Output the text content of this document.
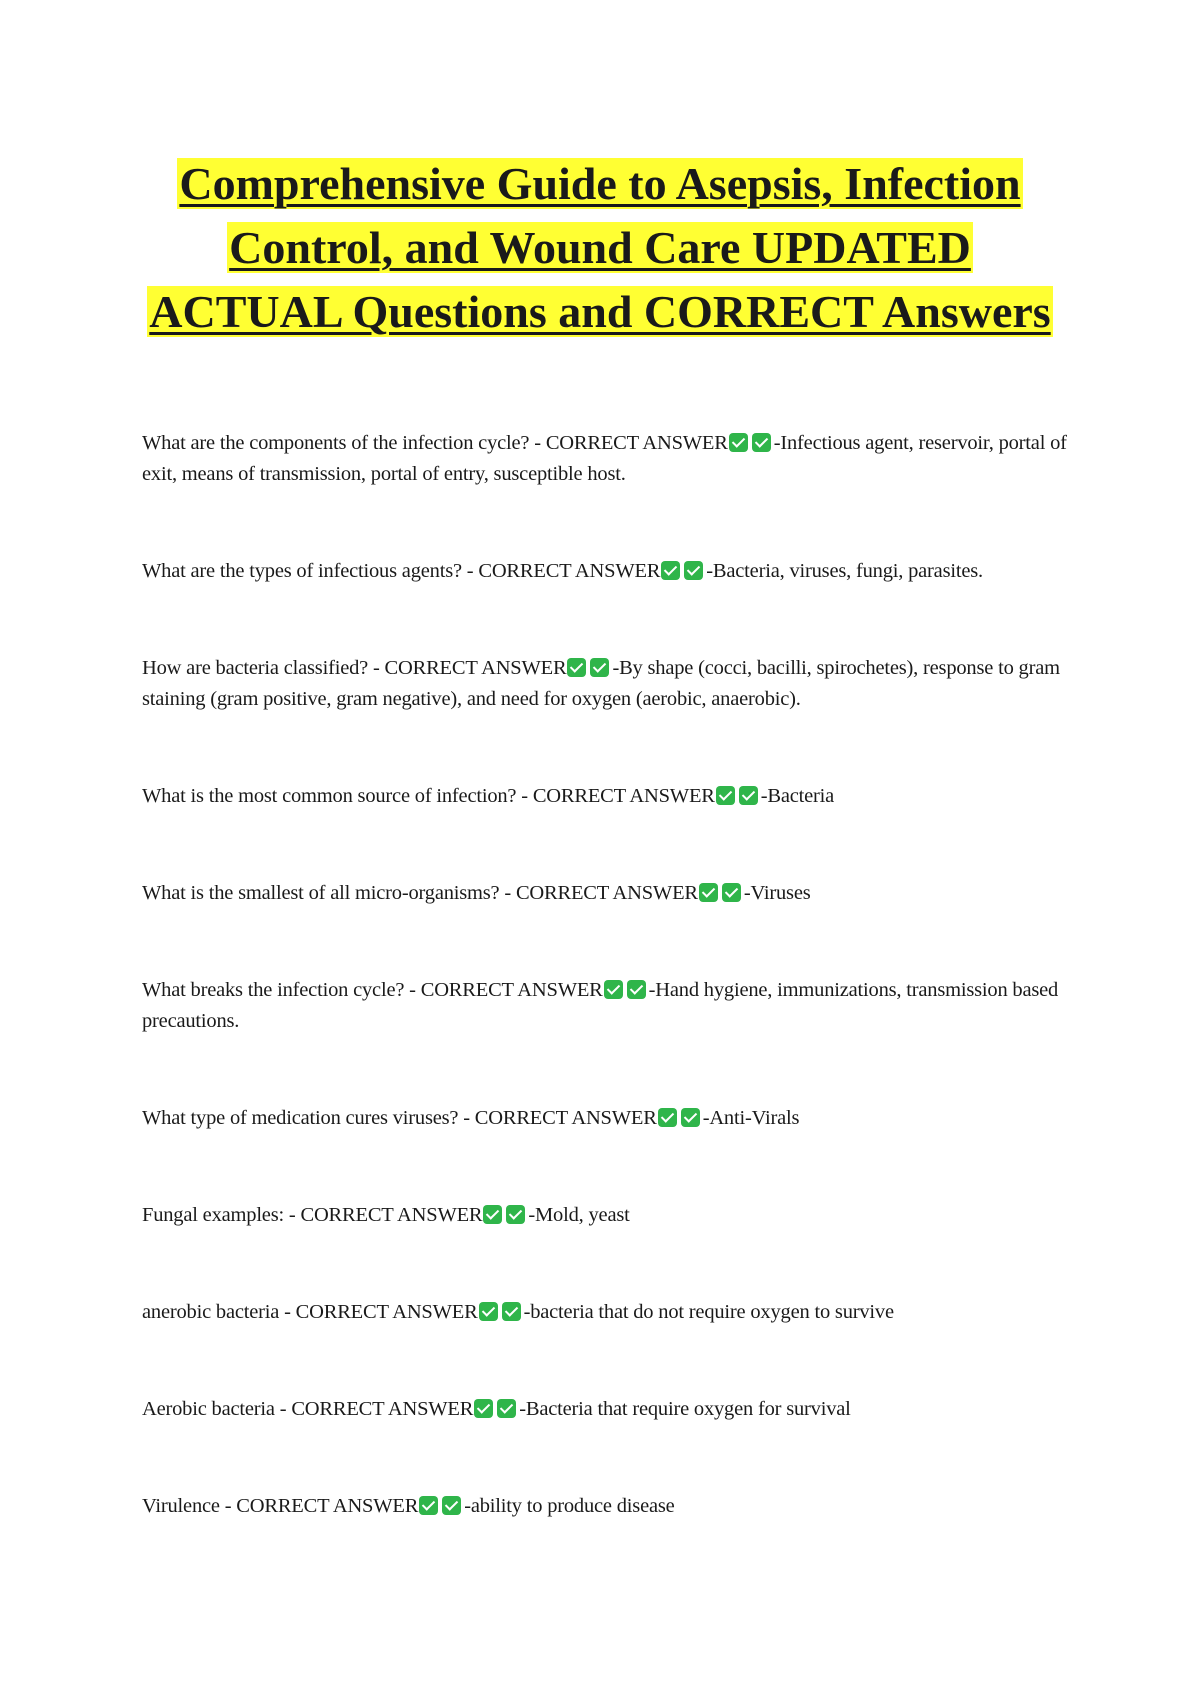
Comprehensive Guide to Asepsis, Infection Control, and Wound Care UPDATED ACTUAL Questions and CORRECT Answers
What are the components of the infection cycle? - CORRECT ANSWER -Infectious agent, reservoir, portal of exit, means of transmission, portal of entry, susceptible host.
What are the types of infectious agents? - CORRECT ANSWER -Bacteria, viruses, fungi, parasites.
How are bacteria classified? - CORRECT ANSWER -By shape (cocci, bacilli, spirochetes), response to gram staining (gram positive, gram negative), and need for oxygen (aerobic, anaerobic).
What is the most common source of infection? - CORRECT ANSWER -Bacteria
What is the smallest of all micro-organisms? - CORRECT ANSWER -Viruses
What breaks the infection cycle? - CORRECT ANSWER -Hand hygiene, immunizations, transmission based precautions.
What type of medication cures viruses? - CORRECT ANSWER -Anti-Virals
Fungal examples: - CORRECT ANSWER -Mold, yeast
anerobic bacteria - CORRECT ANSWER -bacteria that do not require oxygen to survive
Aerobic bacteria - CORRECT ANSWER -Bacteria that require oxygen for survival
Virulence - CORRECT ANSWER -ability to produce disease
